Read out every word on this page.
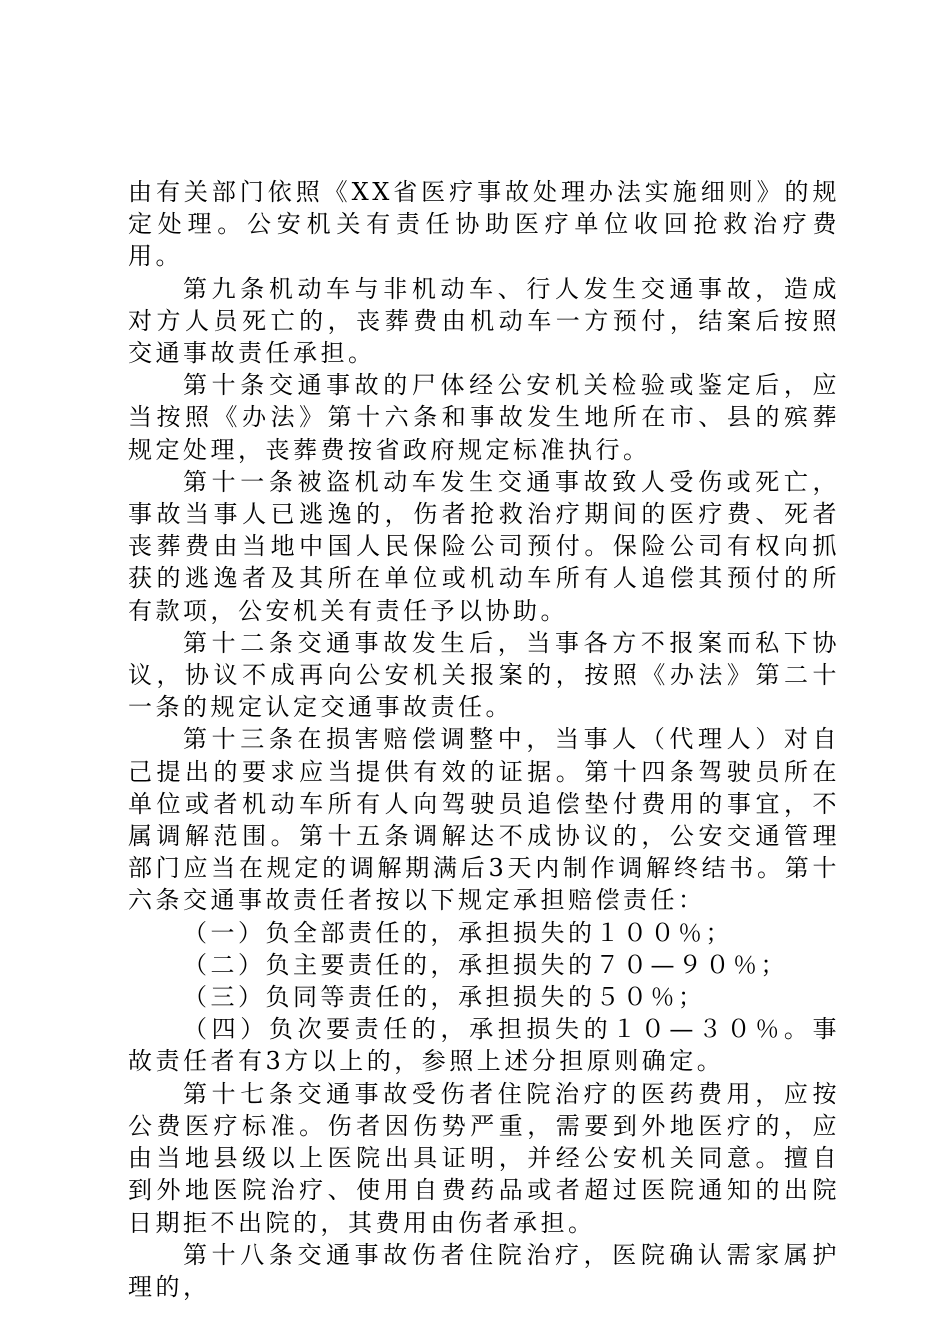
由有关部门依照《XX省医疗事故处理办法实施细则》的规定处理。公安机关有责任协助医疗单位收回抢救治疗费用。

第九条机动车与非机动车、行人发生交通事故，造成对方人员死亡的，丧葬费由机动车一方预付，结案后按照交通事故责任承担。

第十条交通事故的尸体经公安机关检验或鉴定后，应当按照《办法》第十六条和事故发生地所在市、县的殡葬规定处理，丧葬费按省政府规定标准执行。

第十一条被盗机动车发生交通事故致人受伤或死亡，事故当事人已逃逸的，伤者抢救治疗期间的医疗费、死者丧葬费由当地中国人民保险公司预付。保险公司有权向抓获的逃逸者及其所在单位或机动车所有人追偿其预付的所有款项，公安机关有责任予以协助。

第十二条交通事故发生后，当事各方不报案而私下协议，协议不成再向公安机关报案的，按照《办法》第二十一条的规定认定交通事故责任。

第十三条在损害赔偿调整中，当事人（代理人）对自己提出的要求应当提供有效的证据。第十四条驾驶员所在单位或者机动车所有人向驾驶员追偿垫付费用的事宜，不属调解范围。第十五条调解达不成协议的，公安交通管理部门应当在规定的调解期满后3天内制作调解终结书。第十六条交通事故责任者按以下规定承担赔偿责任：

（一）负全部责任的，承担损失的１００％；

（二）负主要责任的，承担损失的７０—９０％；

（三）负同等责任的，承担损失的５０％；

（四）负次要责任的，承担损失的１０—３０％。事故责任者有3方以上的，参照上述分担原则确定。

第十七条交通事故受伤者住院治疗的医药费用，应按公费医疗标准。伤者因伤势严重，需要到外地医疗的，应由当地县级以上医院出具证明，并经公安机关同意。擅自到外地医院治疗、使用自费药品或者超过医院通知的出院日期拒不出院的，其费用由伤者承担。

第十八条交通事故伤者住院治疗，医院确认需家属护理的，
